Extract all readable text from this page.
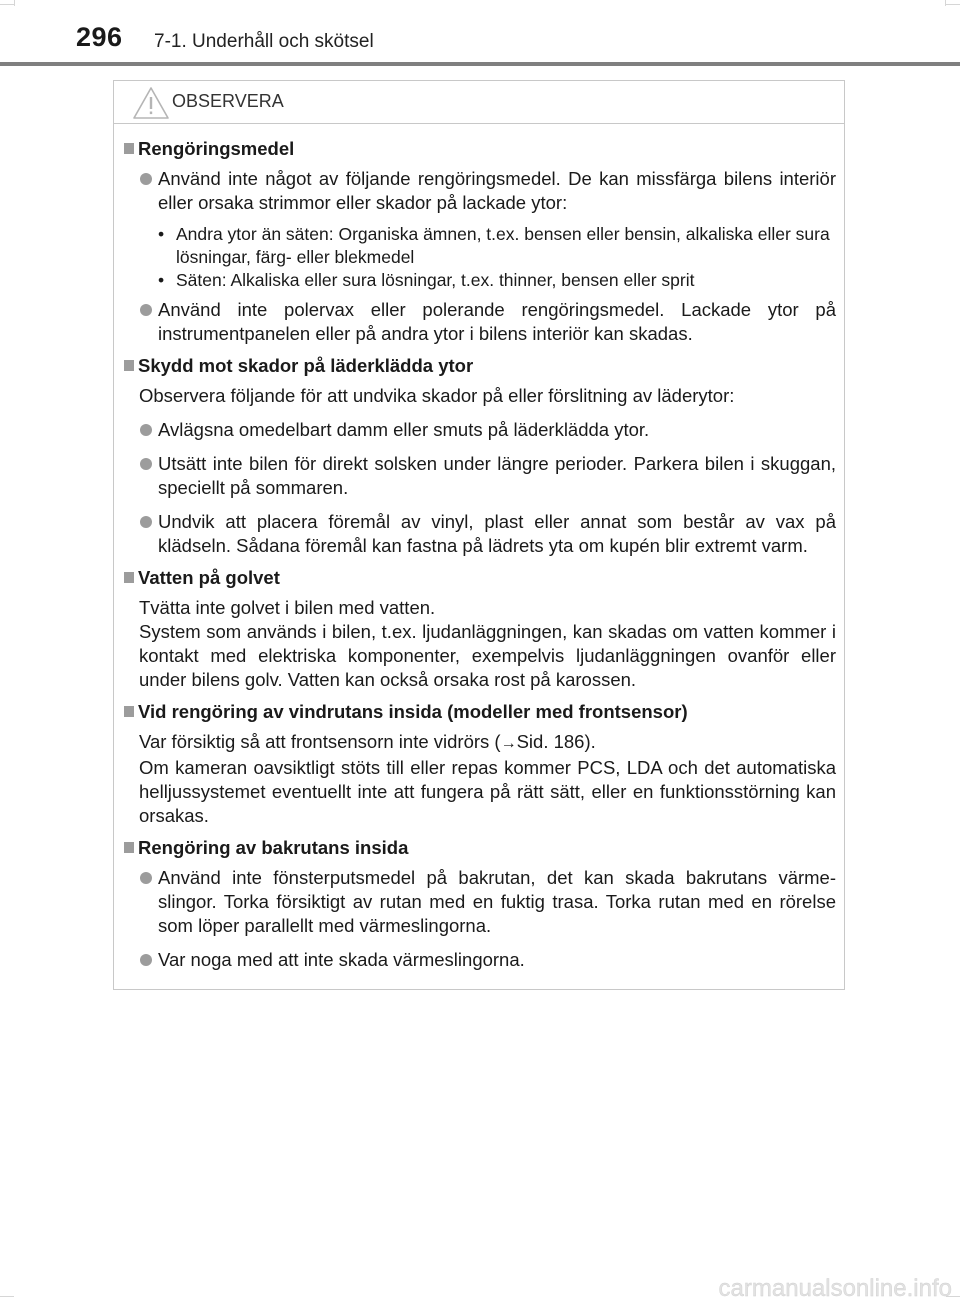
296 7-1. Underhåll och skötsel
OBSERVERA
Rengöringsmedel
Använd inte något av följande rengöringsmedel. De kan missfärga bilens interiör eller orsaka strimmor eller skador på lackade ytor:
• Andra ytor än säten: Organiska ämnen, t.ex. bensen eller bensin, alkaliska eller sura lösningar, färg- eller blekmedel
• Säten: Alkaliska eller sura lösningar, t.ex. thinner, bensen eller sprit
Använd inte polervax eller polerande rengöringsmedel. Lackade ytor på instrumentpanelen eller på andra ytor i bilens interiör kan skadas.
Skydd mot skador på läderklädda ytor
Observera följande för att undvika skador på eller förslitning av läderytor:
Avlägsna omedelbart damm eller smuts på läderklädda ytor.
Utsätt inte bilen för direkt solsken under längre perioder. Parkera bilen i skuggan, speciellt på sommaren.
Undvik att placera föremål av vinyl, plast eller annat som består av vax på klädseln. Sådana föremål kan fastna på lädrets yta om kupén blir extremt varm.
Vatten på golvet
Tvätta inte golvet i bilen med vatten.
System som används i bilen, t.ex. ljudanläggningen, kan skadas om vatten kommer i kontakt med elektriska komponenter, exempelvis ljudanläggningen ovanför eller under bilens golv. Vatten kan också orsaka rost på karossen.
Vid rengöring av vindrutans insida (modeller med frontsensor)
Var försiktig så att frontsensorn inte vidrörs (→Sid. 186).
Om kameran oavsiktligt stöts till eller repas kommer PCS, LDA och det automatiska helljussystemet eventuellt inte att fungera på rätt sätt, eller en funktionsstörning kan orsakas.
Rengöring av bakrutans insida
Använd inte fönsterputsmedel på bakrutan, det kan skada bakrutans värme-slingor. Torka försiktigt av rutan med en fuktig trasa. Torka rutan med en rörelse som löper parallellt med värmeslingorna.
Var noga med att inte skada värmeslingorna.
carmanualsonline.info
